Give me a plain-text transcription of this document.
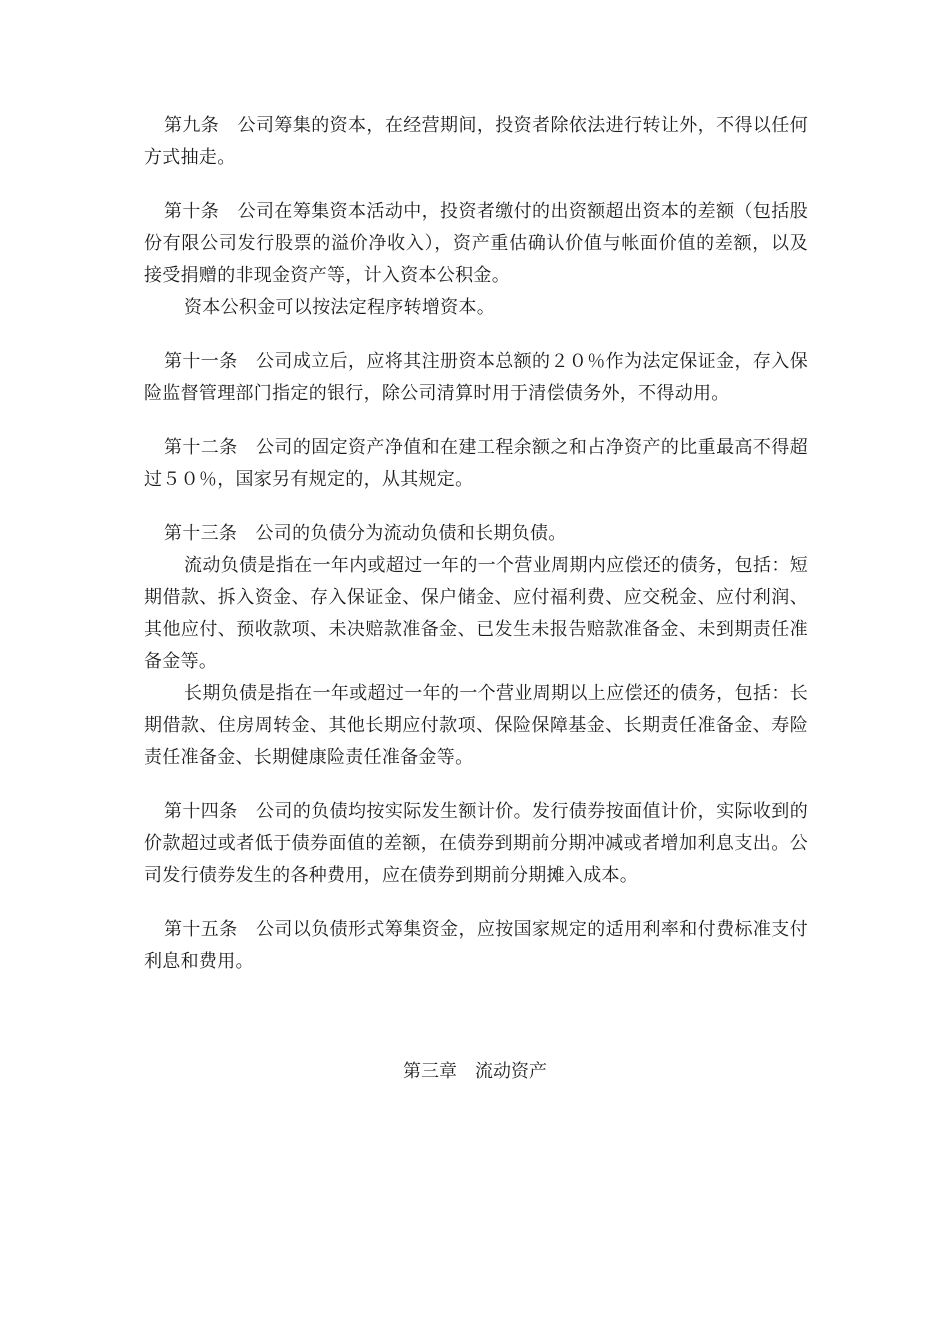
第九条　公司筹集的资本，在经营期间，投资者除依法进行转让外，不得以任何方式抽走。

第十条　公司在筹集资本活动中，投资者缴付的出资额超出资本的差额（包括股份有限公司发行股票的溢价净收入），资产重估确认价值与帐面价值的差额，以及接受捐赠的非现金资产等，计入资本公积金。

资本公积金可以按法定程序转增资本。

第十一条　公司成立后，应将其注册资本总额的２０％作为法定保证金，存入保险监督管理部门指定的银行，除公司清算时用于清偿债务外，不得动用。

第十二条　公司的固定资产净值和在建工程余额之和占净资产的比重最高不得超过５０％，国家另有规定的，从其规定。

第十三条　公司的负债分为流动负债和长期负债。

流动负债是指在一年内或超过一年的一个营业周期内应偿还的债务，包括：短期借款、拆入资金、存入保证金、保户储金、应付福利费、应交税金、应付利润、其他应付、预收款项、未决赔款准备金、已发生未报告赔款准备金、未到期责任准备金等。

长期负债是指在一年或超过一年的一个营业周期以上应偿还的债务，包括：长期借款、住房周转金、其他长期应付款项、保险保障基金、长期责任准备金、寿险责任准备金、长期健康险责任准备金等。

第十四条　公司的负债均按实际发生额计价。发行债券按面值计价，实际收到的价款超过或者低于债券面值的差额，在债券到期前分期冲减或者增加利息支出。公司发行债券发生的各种费用，应在债券到期前分期摊入成本。

第十五条　公司以负债形式筹集资金，应按国家规定的适用利率和付费标准支付利息和费用。

第三章　流动资产
